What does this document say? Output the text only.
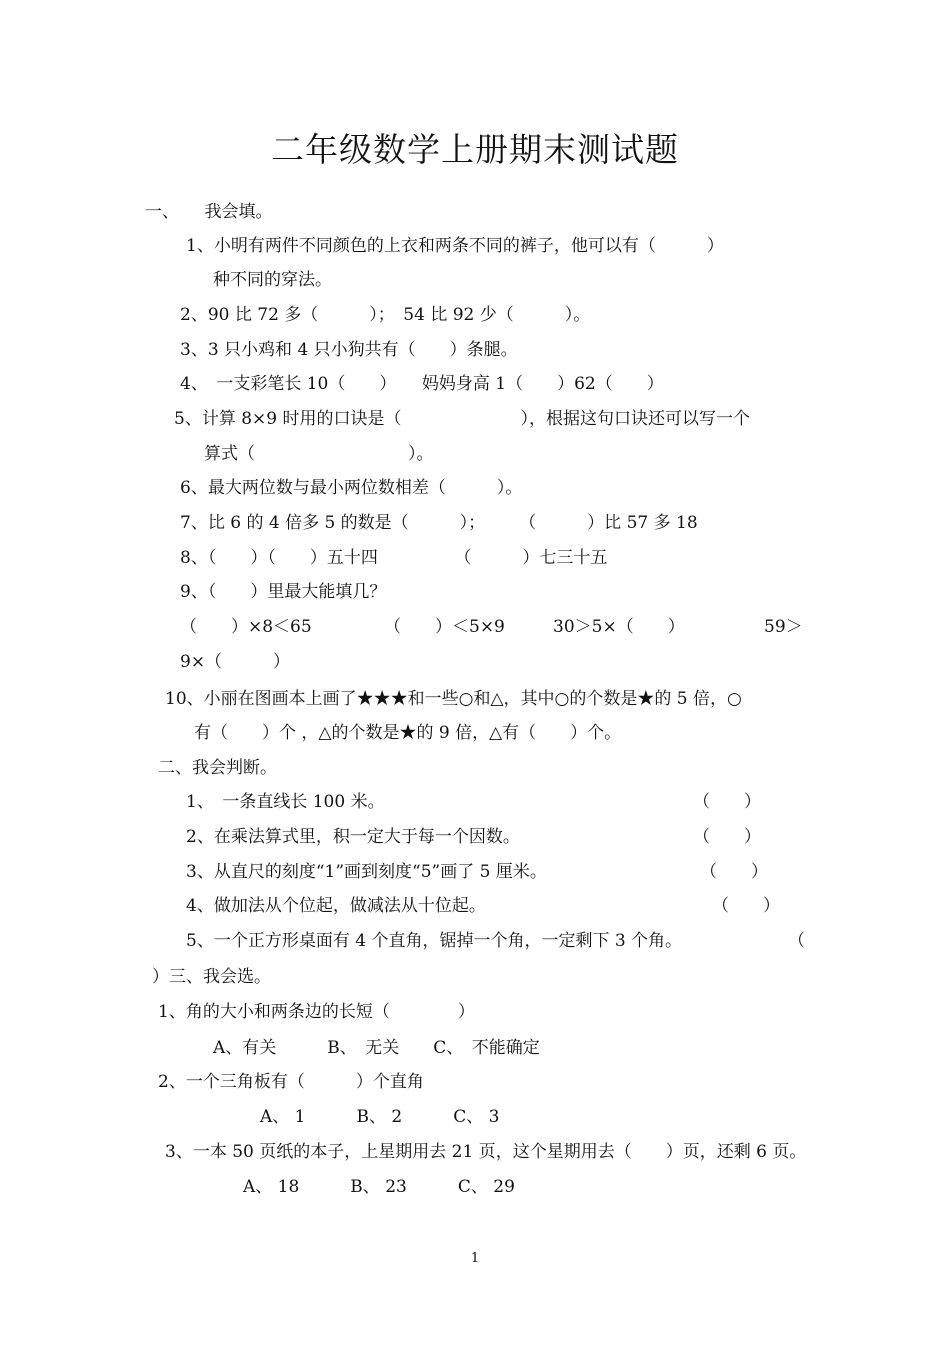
二年级数学上册期末测试题
一、　　我会填。
1、小明有两件不同颜色的上衣和两条不同的裤子，他可以有（　　　）
种不同的穿法。
2、90 比 72 多（　　　）；　54 比 92 少（　　　）。
3、3 只小鸡和 4 只小狗共有（　　）条腿。
4、　一支彩笔长 10（　　）　　妈妈身高 1（　　）62（　　）
5、计算 8×9 时用的口诀是（　　　　　　　），根据这句口诀还可以写一个
算式（　　　　　　　　　）。
6、最大两位数与最小两位数相差（　　　）。
7、比 6 的 4 倍多 5 的数是（　　　）；　　　（　　　）比 57 多 18
8、（　　）（　　）五十四　　　　　（　　　）七三十五
9、（　　）里最大能填几？
（　　）×8＜65	（　　）＜5×9	30＞5×（　　）	59＞
9×（　　　）
10、小丽在图画本上画了★★★和一些○和△，其中○的个数是★的 5 倍，○
有（　　）个 ，△的个数是★的 9 倍，△有（　　）个。
二、我会判断。
1、　一条直线长 100 米。	（　　）
2、在乘法算式里，积一定大于每一个因数。	（　　）
3、从直尺的刻度“1”画到刻度“5”画了 5 厘米。	（　　）
4、做加法从个位起，做减法从十位起。	（　　）
5、一个正方形桌面有 4 个直角，锯掉一个角，一定剩下 3 个角。	（
）三、我会选。
1、角的大小和两条边的长短（　　　　）
A、有关　　　B、　无关　　C、　不能确定
2、一个三角板有（　　　）个直角
A、 1　　　B、 2　　　C、 3
3、一本 50 页纸的本子，上星期用去 21 页，这个星期用去（　　）页，还剩 6 页。
A、 18　　　B、 23　　　C、 29
1
